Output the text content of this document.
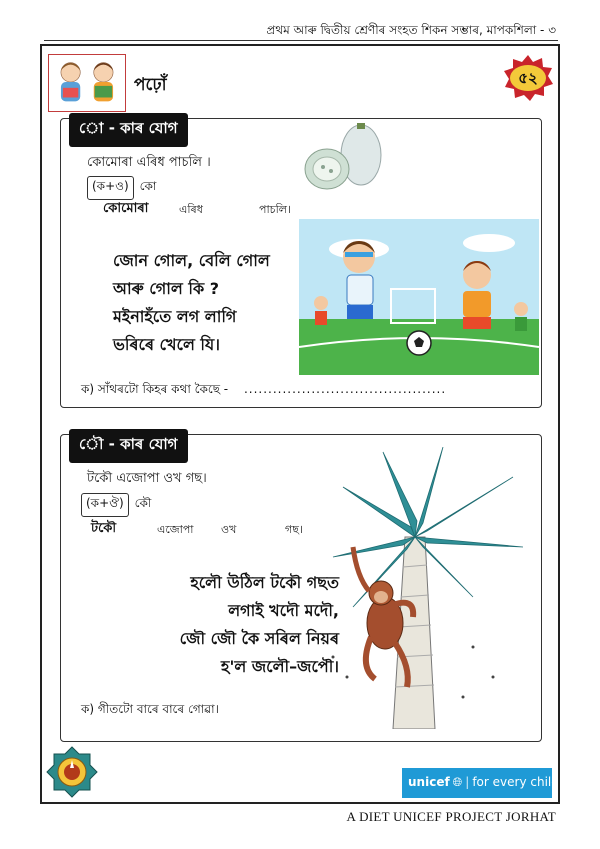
প্ৰথম আৰু দ্বিতীয় শ্ৰেণীৰ সংহত শিকন সম্ভাৰ, মাপকশিলা - ৩
পঢ়োঁ	৫২
ো - কাৰ যোগ
কোমোৰা এৰিধ পাচলি ।
(ক+ও) কো
কোমোৰা	এৰিধ	পাচলি।
জোন গোল, বেলি গোল
আৰু গোল কি ?
মইনাহঁতে লগ লাগি
ভৰিৰে খেলে যি।
ক) সাঁথৰটো কিহৰ কথা কৈছে - ..........................................
ৌ - কাৰ যোগ
টকৌ এজোপা ওখ গছ।
(ক+ঔ) কৌ
টকৌ	এজোপা	ওখ	গছ।
হলৌ উঠিল টকৌ গছত
লগাই খদৌ মদৌ,
জৌ জৌ কৈ সৰিল নিয়ৰ
হ'ল জলৌ–জপৌ।
ক) গীতটো বাৰে বাৰে গোৱা।
unicef 🌐︎ | for every child
A DIET UNICEF PROJECT JORHAT
